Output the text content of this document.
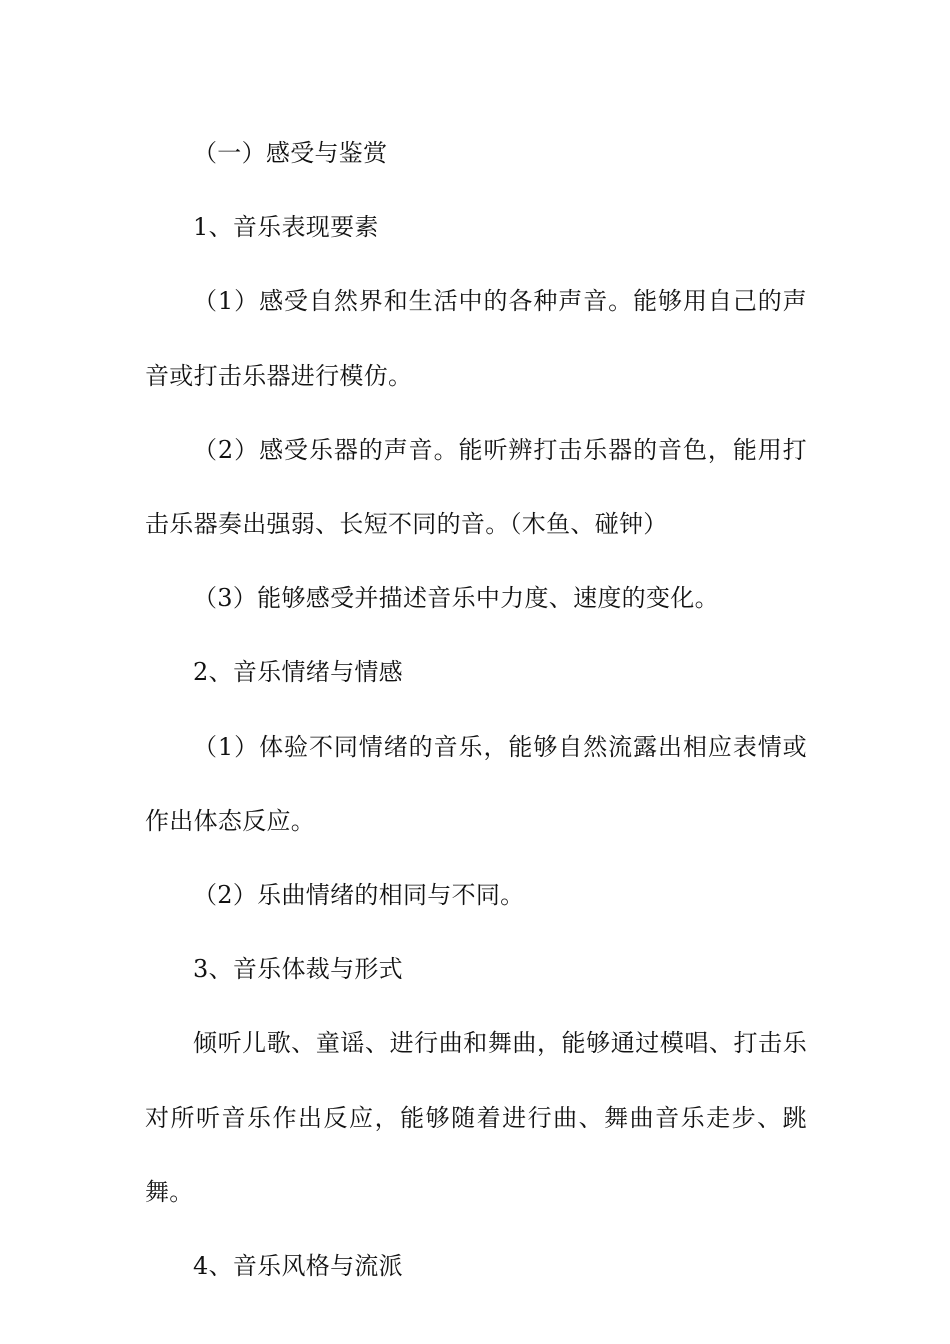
（一）感受与鉴赏

1、音乐表现要素

（1）感受自然界和生活中的各种声音。能够用自己的声音或打击乐器进行模仿。

（2）感受乐器的声音。能听辨打击乐器的音色，能用打击乐器奏出强弱、长短不同的音。（木鱼、碰钟）

（3）能够感受并描述音乐中力度、速度的变化。

2、音乐情绪与情感

（1）体验不同情绪的音乐，能够自然流露出相应表情或作出体态反应。

（2）乐曲情绪的相同与不同。

3、音乐体裁与形式

倾听儿歌、童谣、进行曲和舞曲，能够通过模唱、打击乐对所听音乐作出反应，能够随着进行曲、舞曲音乐走步、跳舞。

4、音乐风格与流派
